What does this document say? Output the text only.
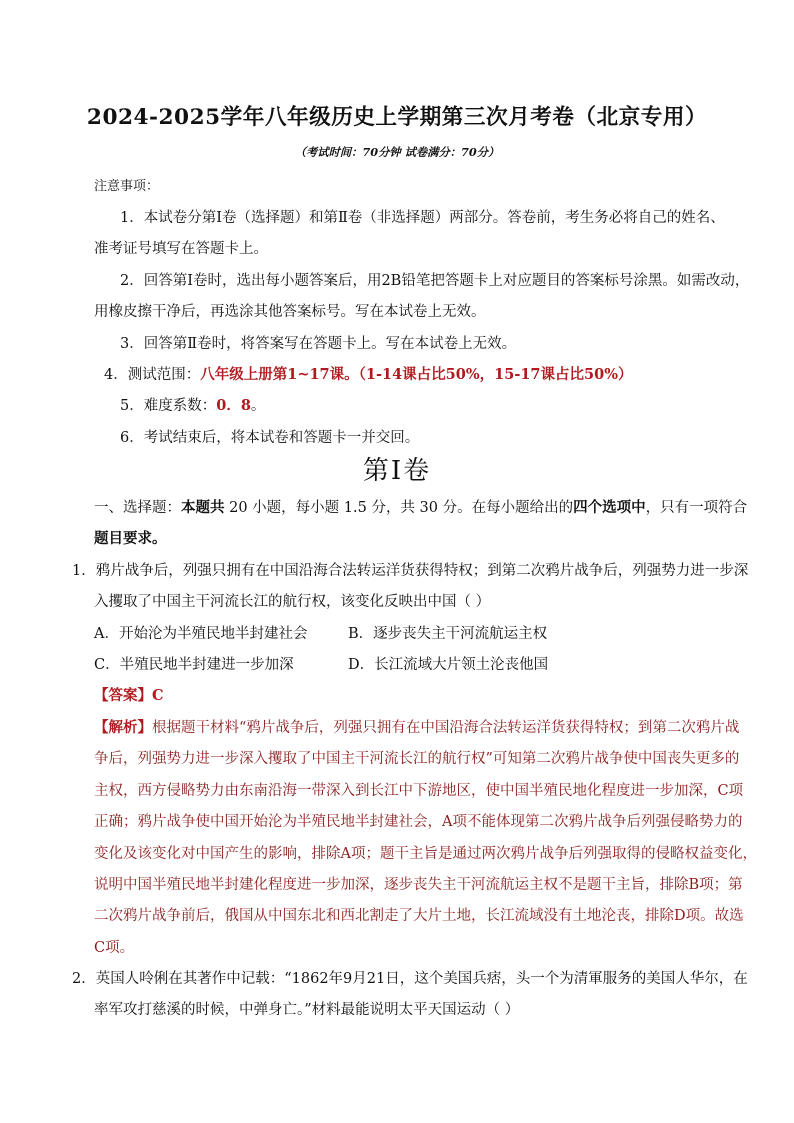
2024-2025学年八年级历史上学期第三次月考卷（北京专用）
（考试时间：70分钟 试卷满分：70分）
注意事项：
1．本试卷分第Ⅰ卷（选择题）和第Ⅱ卷（非选择题）两部分。答卷前，考生务必将自己的姓名、
准考证号填写在答题卡上。
2．回答第Ⅰ卷时，选出每小题答案后，用2B铅笔把答题卡上对应题目的答案标号涂黑。如需改动，
用橡皮擦干净后，再选涂其他答案标号。写在本试卷上无效。
3．回答第Ⅱ卷时，将答案写在答题卡上。写在本试卷上无效。
4．测试范围：八年级上册第1~17课。（1-14课占比50%，15-17课占比50%）
5．难度系数：0．8。
6．考试结束后，将本试卷和答题卡一并交回。
第Ⅰ卷
一、选择题：本题共 20 小题，每小题 1.5 分，共 30 分。在每小题给出的四个选项中，只有一项符合
题目要求。
1．鸦片战争后，列强只拥有在中国沿海合法转运洋货获得特权；到第二次鸦片战争后，列强势力进一步深
入攫取了中国主干河流长江的航行权，该变化反映出中国（ ）
A．开始沦为半殖民地半封建社会	B．逐步丧失主干河流航运主权
C．半殖民地半封建进一步加深	D．长江流域大片领土沦丧他国
【答案】C
【解析】根据题干材料“鸦片战争后，列强只拥有在中国沿海合法转运洋货获得特权；到第二次鸦片战
争后，列强势力进一步深入攫取了中国主干河流长江的航行权”可知第二次鸦片战争使中国丧失更多的
主权，西方侵略势力由东南沿海一带深入到长江中下游地区，使中国半殖民地化程度进一步加深，C项
正确；鸦片战争使中国开始沦为半殖民地半封建社会，A项不能体现第二次鸦片战争后列强侵略势力的
变化及该变化对中国产生的影响，排除A项；题干主旨是通过两次鸦片战争后列强取得的侵略权益变化，
说明中国半殖民地半封建化程度进一步加深，逐步丧失主干河流航运主权不是题干主旨，排除B项；第
二次鸦片战争前后，俄国从中国东北和西北割走了大片土地，长江流域没有土地沦丧，排除D项。故选
C项。
2．英国人呤俐在其著作中记载：“1862年9月21日，这个美国兵痞，头一个为清軍服务的美国人华尔，在
率军攻打慈溪的时候，中弹身亡。”材料最能说明太平天国运动（ ）
